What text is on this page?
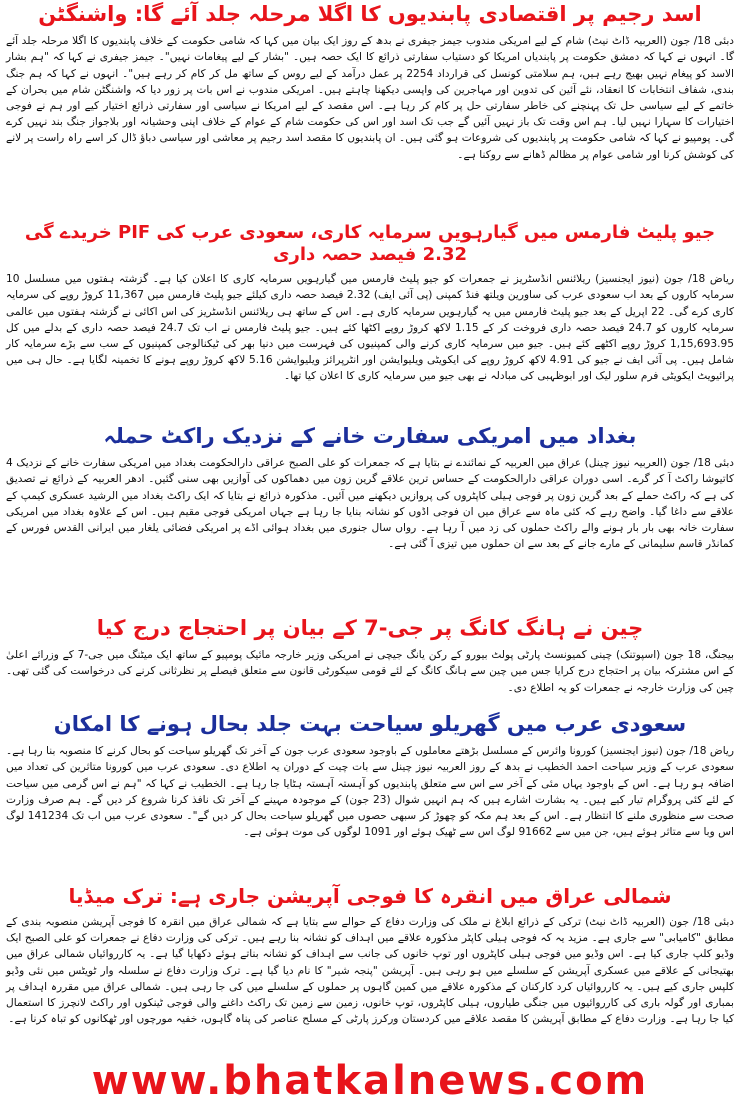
اسد رجیم پر اقتصادی پابندیوں کا اگلا مرحلہ جلد آئے گا: واشنگٹن

دبئی 18/ جون (العربیہ ڈاٹ نیٹ) شام کے لیے امریکی مندوب جیمز جیفری نے بدھ کے روز ایک بیان میں کہا کہ شامی حکومت کے خلاف پابندیوں کا اگلا مرحلہ جلد آئے گا۔ انہوں نے کہا کہ دمشق حکومت پر پابندیاں امریکا کو دستیاب سفارتی ذرائع کا ایک حصہ ہیں۔ "بشار کے لیے پیغامات نہیں"۔ جیمز جیفری نے کہا کہ "ہم بشار الاسد کو پیغام نہیں بھیج رہے ہیں، ہم سلامتی کونسل کی قرارداد 2254 پر عمل درآمد کے لیے روس کے ساتھ مل کر کام کر رہے ہیں"۔ انہوں نے کہا کہ ہم جنگ بندی، شفاف انتخابات کا انعقاد، نئے آئین کی تدوین اور مہاجرین کی واپسی دیکھنا چاہتے ہیں۔ امریکی مندوب نے اس بات پر زور دیا کہ واشنگٹن شام میں بحران کے خاتمے کے لیے سیاسی حل تک پہنچنے کی خاطر سفارتی حل پر کام کر رہا ہے۔ اس مقصد کے لیے امریکا نے سیاسی اور سفارتی ذرائع اختیار کیے اور ہم نے فوجی اختیارات کا سہارا نہیں لیا۔ ہم اس وقت تک باز نہیں آئیں گے جب تک اسد اور اس کی حکومت شام کے عوام کے خلاف اپنی وحشیانہ اور بلاجواز جنگ بند نہیں کرے گی۔ پومپیو نے کہا کہ شامی حکومت پر پابندیوں کی شروعات ہو گئی ہیں۔ ان پابندیوں کا مقصد اسد رجیم پر معاشی اور سیاسی دباؤ ڈال کر اسے راہ راست پر لانے کی کوشش کرنا اور شامی عوام پر مظالم ڈھانے سے روکنا ہے۔

جیو پلیٹ فارمس میں گیارہویں سرمایہ کاری، سعودی عرب کی PIF خریدے گی 2.32 فیصد حصہ داری

ریاض 18/ جون (نیوز ایجنسیز) ریلائنس انڈسٹریز نے جمعرات کو جیو پلیٹ فارمس میں گیارہویں سرمایہ کاری کا اعلان کیا ہے۔ گزشتہ ہفتوں میں مسلسل 10 سرمایہ کاروں کے بعد اب سعودی عرب کی ساورین ویلتھ فنڈ کمپنی (پی آئی ایف) 2.32 فیصد حصہ داری کیلئے جیو پلیٹ فارمس میں 11,367 کروڑ روپے کی سرمایہ کاری کرے گی۔ 22 اپریل کے بعد جیو پلیٹ فارمس میں یہ گیارہویں سرمایہ کاری ہے۔ اس کے ساتھ ہی ریلائنس انڈسٹریز کی اس اکائی نے گزشتہ ہفتوں میں عالمی سرمایہ کاروں کو 24.7 فیصد حصہ داری فروخت کر کے 1.15 لاکھ کروڑ روپے اکٹھا کئے ہیں۔ جیو پلیٹ فارمس نے اب تک 24.7 فیصد حصہ داری کے بدلے میں کل 1,15,693.95 کروڑ روپے اکٹھے کئے ہیں۔ جیو میں سرمایہ کاری کرنے والی کمپنیوں کی فہرست میں دنیا بھر کی ٹیکنالوجی کمپنیوں کے سب سے بڑے سرمایہ کار شامل ہیں۔ پی آئی ایف نے جیو کی 4.91 لاکھ کروڑ روپے کی ایکویٹی ویلیوایشن اور انٹرپرائز ویلیوایشن 5.16 لاکھ کروڑ روپے ہونے کا تخمینہ لگایا ہے۔ حال ہی میں پرائیویٹ ایکویٹی فرم سلور لیک اور ابوظہبی کی مبادلہ نے بھی جیو میں سرمایہ کاری کا اعلان کیا تھا۔

بغداد میں امریکی سفارت خانے کے نزدیک راکٹ حملہ

دبئی 18/ جون (العربیہ نیوز چینل) عراق میں العربیہ کے نمائندے نے بتایا ہے کہ جمعرات کو علی الصبح عراقی دارالحکومت بغداد میں امریکی سفارت خانے کے نزدیک 4 کاتیوشا راکٹ آ کر گرے۔ اسی دوران عراقی دارالحکومت کے حساس ترین علاقے گرین زون میں دھماکوں کی آوازیں بھی سنی گئیں۔ ادھر العربیہ کے ذرائع نے تصدیق کی ہے کہ راکٹ حملے کے بعد گرین زون پر فوجی ہیلی کاپٹروں کی پروازیں دیکھنے میں آئیں۔ مذکورہ ذرائع نے بتایا کہ ایک راکٹ بغداد میں الرشید عسکری کیمپ کے علاقے سے داغا گیا۔ واضح رہے کہ کئی ماہ سے عراق میں ان فوجی اڈوں کو نشانہ بنایا جا رہا ہے جہاں امریکی فوجی مقیم ہیں۔ اس کے علاوہ بغداد میں امریکی سفارت خانہ بھی بار بار ہونے والے راکٹ حملوں کی زد میں آ رہا ہے۔ رواں سال جنوری میں بغداد ہوائی اڈے پر امریکی فضائی یلغار میں ایرانی القدس فورس کے کمانڈر قاسم سلیمانی کے مارے جانے کے بعد سے ان حملوں میں تیزی آ گئی ہے۔

چین نے ہانگ کانگ پر جی-7 کے بیان پر احتجاج درج کیا

بیجنگ، 18 جون (اسپوتنک) چینی کمیونسٹ پارٹی پولٹ بیورو کے رکن یانگ جیچی نے امریکی وزیر خارجہ مائیک پومپیو کے ساتھ ایک میٹنگ میں جی-7 کے وزرائے اعلیٰ کے اس مشترکہ بیان پر احتجاج درج کرایا جس میں چین سے ہانگ کانگ کے لئے قومی سیکورٹی قانون سے متعلق فیصلے پر نظرثانی کرنے کی درخواست کی گئی تھی۔ چین کی وزارت خارجہ نے جمعرات کو یہ اطلاع دی۔

سعودی عرب میں گھریلو سیاحت بہت جلد بحال ہونے کا امکان

ریاض 18/ جون (نیوز ایجنسیز) کورونا وائرس کے مسلسل بڑھتے معاملوں کے باوجود سعودی عرب جون کے آخر تک گھریلو سیاحت کو بحال کرنے کا منصوبہ بنا رہا ہے۔ سعودی عرب کے وزیر سیاحت احمد الخطیب نے بدھ کے روز العربیہ نیوز چینل سے بات چیت کے دوران یہ اطلاع دی۔ سعودی عرب میں کورونا متاثرین کی تعداد میں اضافہ ہو رہا ہے۔ اس کے باوجود یہاں مئی کے آخر سے اس سے متعلق پابندیوں کو آہستہ آہستہ ہٹایا جا رہا ہے۔ الخطیب نے کہا کہ "ہم نے اس گرمی میں سیاحت کے لئے کئی پروگرام تیار کیے ہیں۔ یہ بشارت اشارے ہیں کہ ہم انہیں شوال (23 جون) کے موجودہ مہینے کے آخر تک نافذ کرنا شروع کر دیں گے۔ ہم صرف وزارت صحت سے منظوری ملنے کا انتظار ہے۔ اس کے بعد ہم مکہ کو چھوڑ کر سبھی حصوں میں گھریلو سیاحت بحال کر دیں گے"۔ سعودی عرب میں اب تک 141234 لوگ اس وبا سے متاثر ہوئے ہیں، جن میں سے 91662 لوگ اس سے ٹھیک ہوئے اور 1091 لوگوں کی موت ہوئی ہے۔

شمالی عراق میں انقرہ کا فوجی آپریشن جاری ہے: ترک میڈیا

دبئی 18/ جون (العربیہ ڈاٹ نیٹ) ترکی کے ذرائع ابلاغ نے ملک کی وزارت دفاع کے حوالے سے بتایا ہے کہ شمالی عراق میں انقرہ کا فوجی آپریشن منصوبہ بندی کے مطابق "کامیابی" سے جاری ہے۔ مزید یہ کہ فوجی ہیلی کاپٹر مذکورہ علاقے میں اہداف کو نشانہ بنا رہے ہیں۔ ترکی کی وزارت دفاع نے جمعرات کو علی الصبح ایک وڈیو کلپ جاری کیا ہے۔ اس وڈیو میں فوجی ہیلی کاپٹروں اور توپ خانوں کی جانب سے اہداف کو نشانہ بناتے ہوئے دکھایا گیا ہے۔ یہ کارروائیاں شمالی عراق میں بھتیجانی کے علاقے میں عسکری آپریشن کے سلسلے میں ہو رہی ہیں۔ آپریشن "پنجہ شیر" کا نام دیا گیا ہے۔ ترک وزارت دفاع نے سلسلہ وار ٹویٹس میں نئی وڈیو کلپس جاری کیے ہیں۔ یہ کارروائیاں کرد کارکنان کے مذکورہ علاقے میں کمین گاہوں پر حملوں کے سلسلے میں کی جا رہی ہیں۔ شمالی عراق میں مقررہ اہداف پر بمباری اور گولہ باری کی کارروائیوں میں جنگی طیاروں، ہیلی کاپٹروں، توپ خانوں، زمین سے زمین تک راکٹ داغنے والی فوجی ٹینکوں اور راکٹ لانچرز کا استعمال کیا جا رہا ہے۔ وزارت دفاع کے مطابق آپریشن کا مقصد علاقے میں کردستان ورکرز پارٹی کے مسلح عناصر کی پناہ گاہوں، خفیہ مورچوں اور ٹھکانوں کو تباہ کرنا ہے۔

www.bhatkalnews.com
